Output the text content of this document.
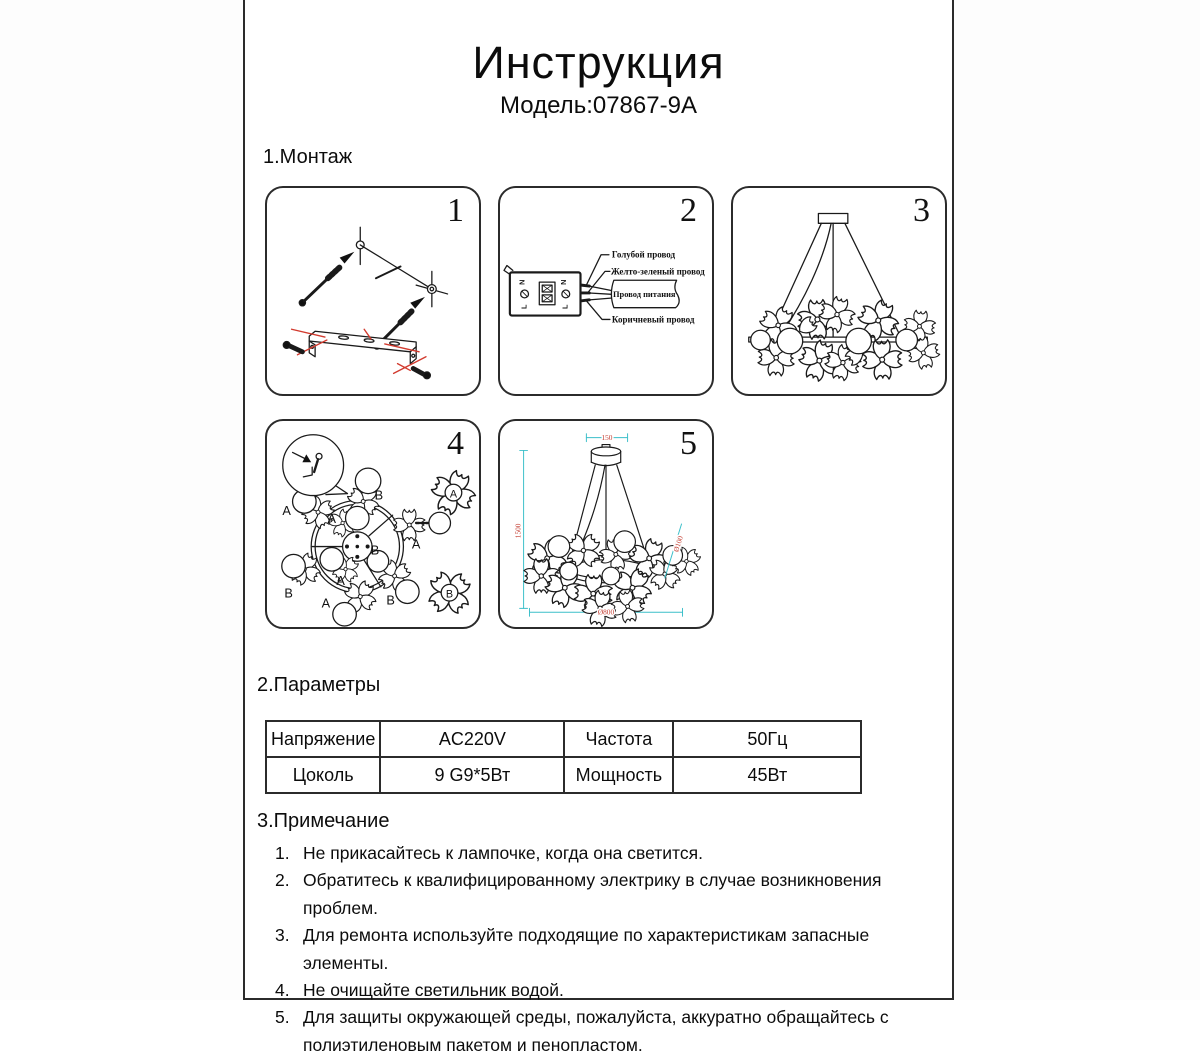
Инструкция
Модель:07867-9A
1.Монтаж
1
N
L
N
L
Провод питания
Голубой провод
Желто-зеленый провод
Коричневый провод
2	3
B
A
A
A
B
A
B	B
A
A
B
4	150
1500
Ø800
Ø100
5
2.Параметры
Напряжение	AC220V	Частота	50Гц
Цоколь	9 G9*5Вт	Мощность	45Вт
3.Примечание
1. Не прикасайтесь к лампочке, когда она светится.
2. Обратитесь к квалифицированному электрику в случае возникновения проблем.
3. Для ремонта используйте подходящие по характеристикам запасные элементы.
4. Не очищайте светильник водой.
5. Для защиты окружающей среды, пожалуйста, аккуратно обращайтесь с
полиэтиленовым пакетом и пенопластом.
